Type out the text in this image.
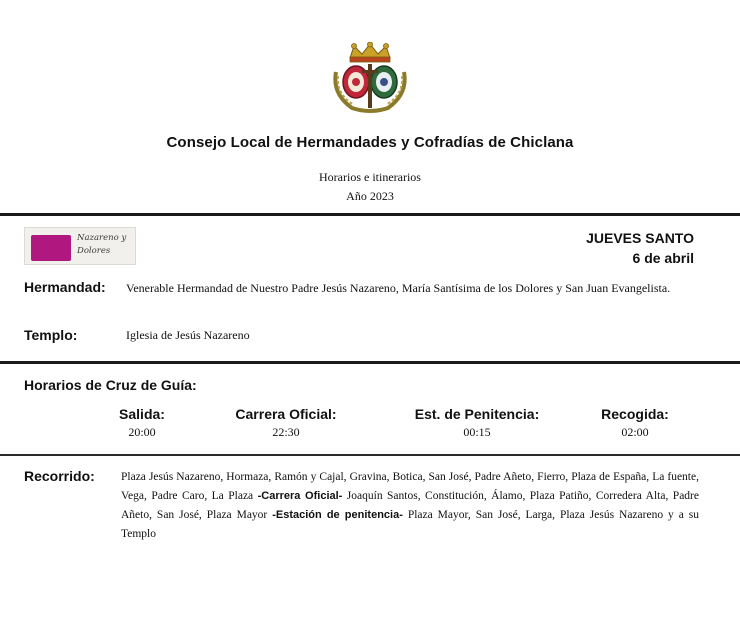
Consejo Local de Hermandades y Cofradías de Chiclana
Horarios e itinerarios
Año 2023
Nazareno y
Dolores
JUEVES SANTO
6 de abril
Hermandad: Venerable Hermandad de Nuestro Padre Jesús Nazareno, María Santísima de los Dolores y San Juan Evangelista.
Templo:	Iglesia de Jesús Nazareno
Horarios de Cruz de Guía:
Salida:
20:00
Carrera Oficial:
22:30
Est. de Penitencia:
00:15
Recogida:
02:00
Recorrido: Plaza Jesús Nazareno, Hormaza, Ramón y Cajal, Gravina, Botica, San José, Padre Añeto, Fierro, Plaza de España, La fuente, Vega, Padre Caro, La Plaza -Carrera Oficial- Joaquín Santos, Constitución, Álamo, Plaza Patiño, Corredera Alta, Padre Añeto, San José, Plaza Mayor -Estación de penitencia- Plaza Mayor, San José, Larga, Plaza Jesús Nazareno y a su Templo
